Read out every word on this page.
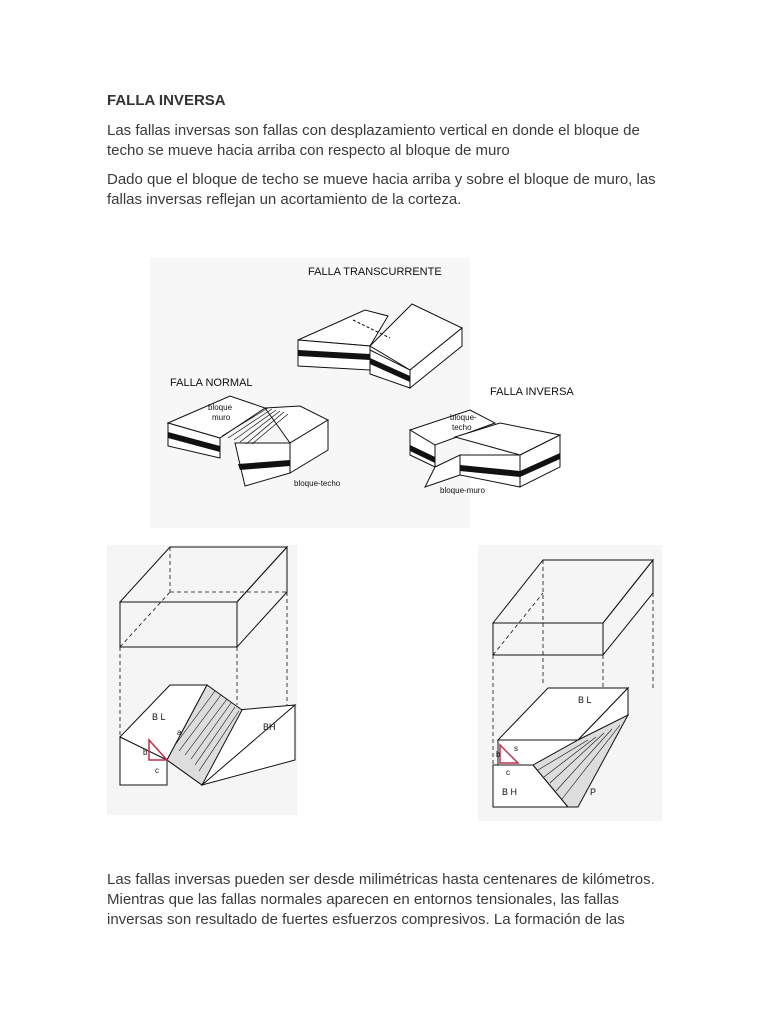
FALLA INVERSA

Las fallas inversas son fallas con desplazamiento vertical en donde el bloque de techo se mueve hacia arriba con respecto al bloque de muro

Dado que el bloque de techo se mueve hacia arriba y sobre el bloque de muro, las fallas inversas reflejan un acortamiento de la corteza.

FALLA TRANSCURRENTE
FALLA NORMAL
bloque
muro
bloque-techo
FALLA INVERSA
bloque-
techo
bloque-muro
B L
BH
b
c
a
B L
B H	P
c
b
s

Las fallas inversas pueden ser desde milimétricas hasta centenares de kilómetros. Mientras que las fallas normales aparecen en entornos tensionales, las fallas inversas son resultado de fuertes esfuerzos compresivos. La formación de las
